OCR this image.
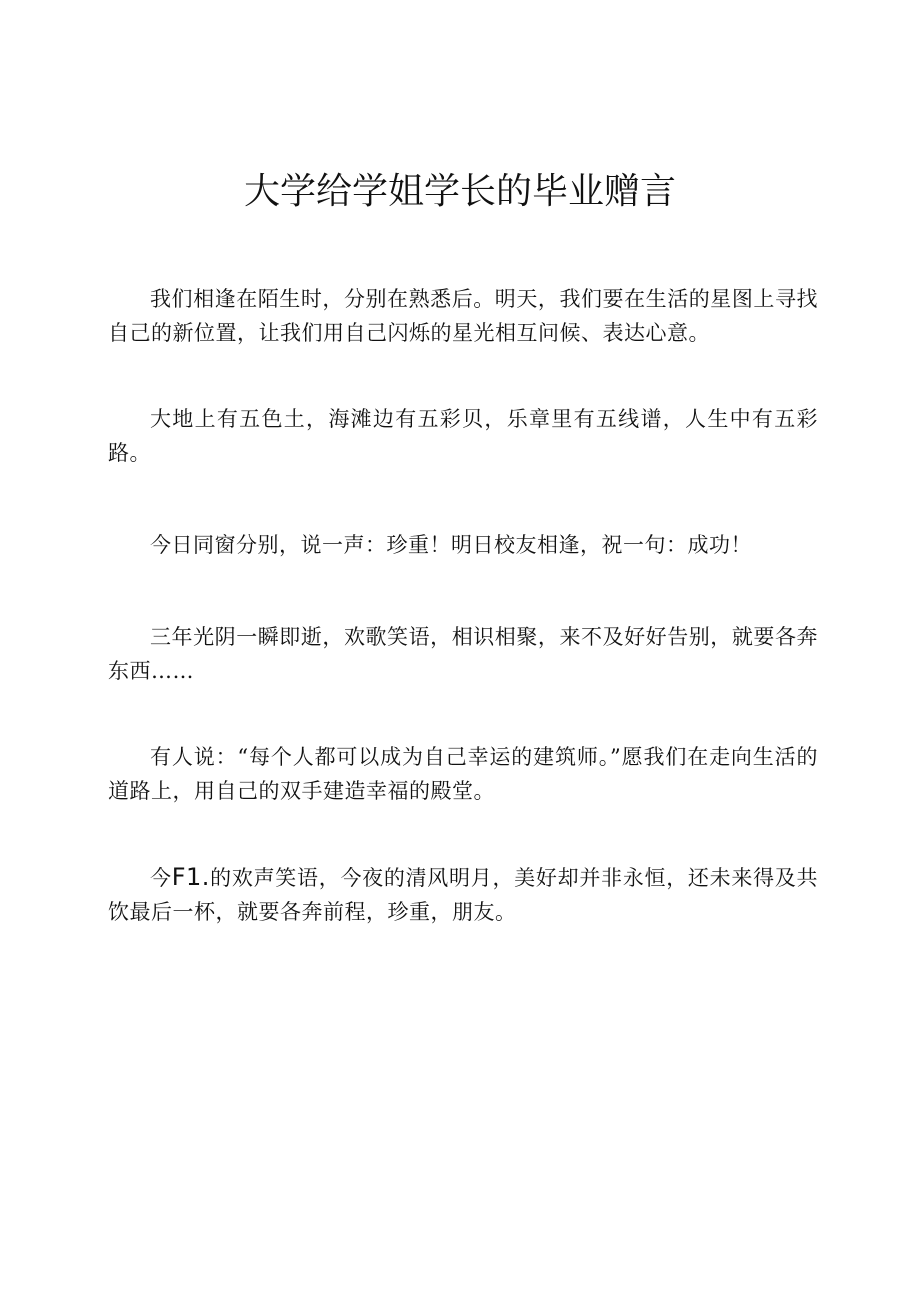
大学给学姐学长的毕业赠言

我们相逢在陌生时，分别在熟悉后。明天，我们要在生活的星图上寻找自己的新位置，让我们用自己闪烁的星光相互问候、表达心意。

大地上有五色土，海滩边有五彩贝，乐章里有五线谱，人生中有五彩路。

今日同窗分别，说一声：珍重！明日校友相逢，祝一句：成功！

三年光阴一瞬即逝，欢歌笑语，相识相聚，来不及好好告别，就要各奔东西……

有人说：“每个人都可以成为自己幸运的建筑师。”愿我们在走向生活的道路上，用自己的双手建造幸福的殿堂。

今F1.的欢声笑语，今夜的清风明月，美好却并非永恒，还未来得及共饮最后一杯，就要各奔前程，珍重，朋友。
